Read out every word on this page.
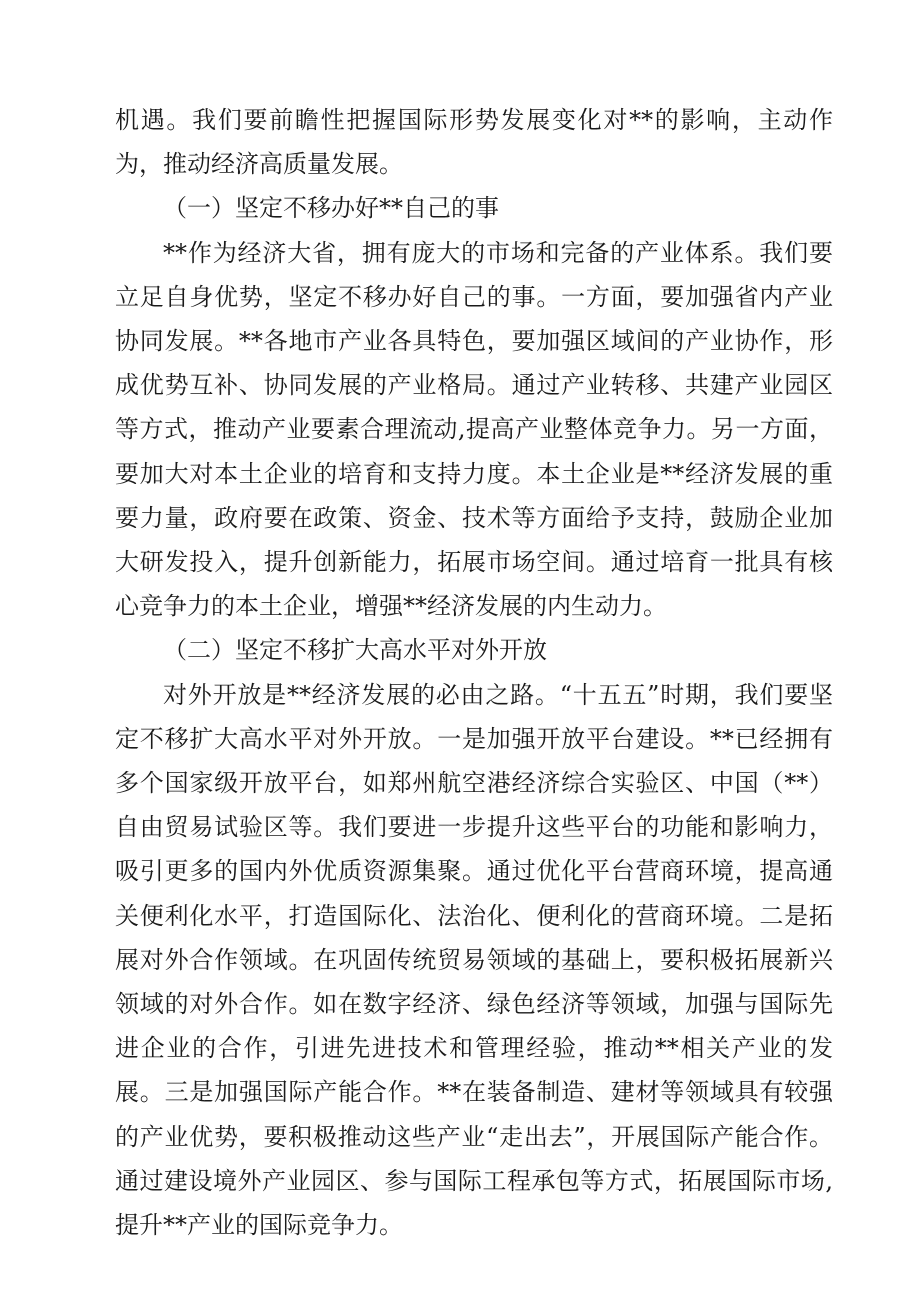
机遇。我们要前瞻性把握国际形势发展变化对**的影响，主动作为，推动经济高质量发展。

（一）坚定不移办好**自己的事

**作为经济大省，拥有庞大的市场和完备的产业体系。我们要立足自身优势，坚定不移办好自己的事。一方面，要加强省内产业协同发展。**各地市产业各具特色，要加强区域间的产业协作，形成优势互补、协同发展的产业格局。通过产业转移、共建产业园区等方式，推动产业要素合理流动,提高产业整体竞争力。另一方面，要加大对本土企业的培育和支持力度。本土企业是**经济发展的重要力量，政府要在政策、资金、技术等方面给予支持，鼓励企业加大研发投入，提升创新能力，拓展市场空间。通过培育一批具有核心竞争力的本土企业，增强**经济发展的内生动力。

（二）坚定不移扩大高水平对外开放

对外开放是**经济发展的必由之路。“十五五”时期，我们要坚定不移扩大高水平对外开放。一是加强开放平台建设。**已经拥有多个国家级开放平台，如郑州航空港经济综合实验区、中国（**）自由贸易试验区等。我们要进一步提升这些平台的功能和影响力，吸引更多的国内外优质资源集聚。通过优化平台营商环境，提高通关便利化水平，打造国际化、法治化、便利化的营商环境。二是拓展对外合作领域。在巩固传统贸易领域的基础上，要积极拓展新兴领域的对外合作。如在数字经济、绿色经济等领域，加强与国际先进企业的合作，引进先进技术和管理经验，推动**相关产业的发展。三是加强国际产能合作。**在装备制造、建材等领域具有较强的产业优势，要积极推动这些产业“走出去”，开展国际产能合作。通过建设境外产业园区、参与国际工程承包等方式，拓展国际市场,提升**产业的国际竞争力。
